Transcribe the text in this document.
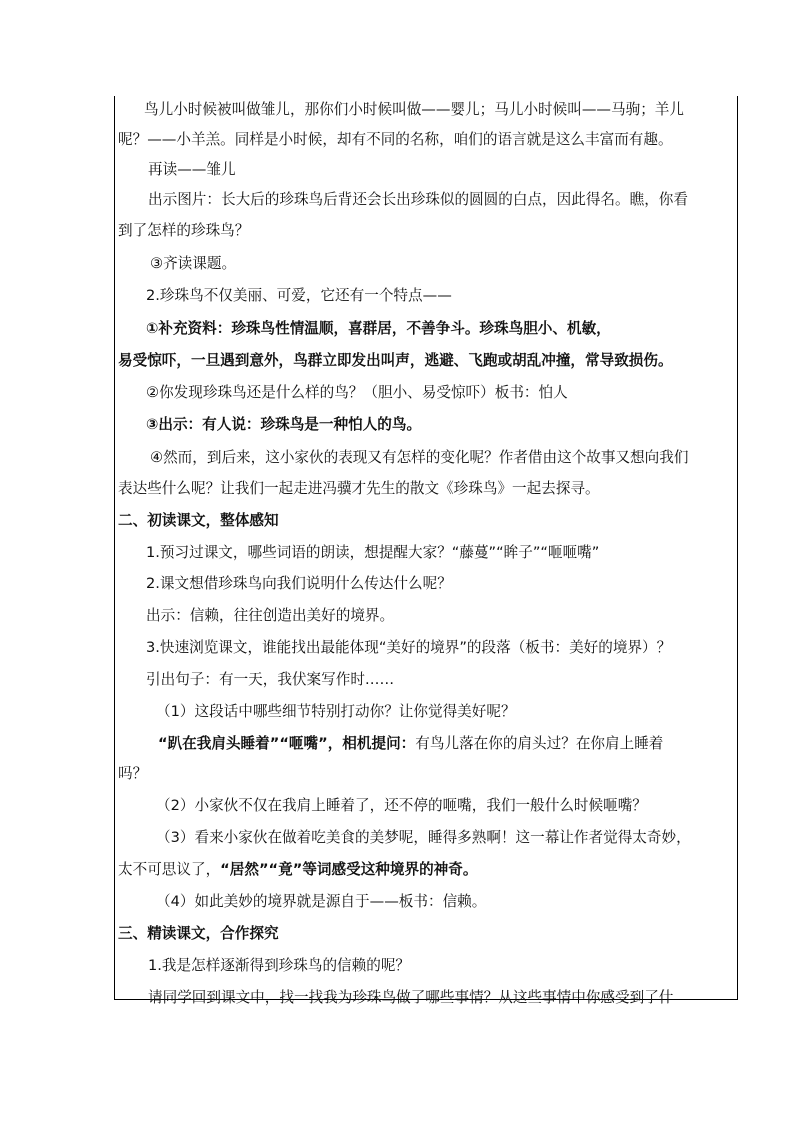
鸟儿小时候被叫做雏儿，那你们小时候叫做——婴儿；马儿小时候叫——马驹；羊儿
呢？——小羊羔。同样是小时候，却有不同的名称，咱们的语言就是这么丰富而有趣。
再读——雏儿
出示图片：长大后的珍珠鸟后背还会长出珍珠似的圆圆的白点，因此得名。瞧，你看
到了怎样的珍珠鸟？
③齐读课题。
2.珍珠鸟不仅美丽、可爱，它还有一个特点——
①补充资料：珍珠鸟性情温顺，喜群居，不善争斗。珍珠鸟胆小、机敏，
易受惊吓，一旦遇到意外，鸟群立即发出叫声，逃避、飞跑或胡乱冲撞，常导致损伤。
②你发现珍珠鸟还是什么样的鸟？（胆小、易受惊吓）板书：怕人
③出示：有人说：珍珠鸟是一种怕人的鸟。
④然而，到后来，这小家伙的表现又有怎样的变化呢？作者借由这个故事又想向我们
表达些什么呢？让我们一起走进冯骥才先生的散文《珍珠鸟》一起去探寻。
二、初读课文，整体感知
1.预习过课文，哪些词语的朗读，想提醒大家？“藤蔓”“眸子”“咂咂嘴”
2.课文想借珍珠鸟向我们说明什么传达什么呢？
出示：信赖，往往创造出美好的境界。
3.快速浏览课文，谁能找出最能体现“美好的境界”的段落（板书：美好的境界）？
引出句子：有一天，我伏案写作时……
（1）这段话中哪些细节特别打动你？让你觉得美好呢？
“趴在我肩头睡着”“咂嘴”，相机提问：有鸟儿落在你的肩头过？在你肩上睡着
吗？
（2）小家伙不仅在我肩上睡着了，还不停的咂嘴，我们一般什么时候咂嘴？
（3）看来小家伙在做着吃美食的美梦呢，睡得多熟啊！这一幕让作者觉得太奇妙，
太不可思议了，“居然”“竟”等词感受这种境界的神奇。
（4）如此美妙的境界就是源自于——板书：信赖。
三、精读课文，合作探究
1.我是怎样逐渐得到珍珠鸟的信赖的呢？
请同学回到课文中，找一找我为珍珠鸟做了哪些事情？从这些事情中你感受到了什
